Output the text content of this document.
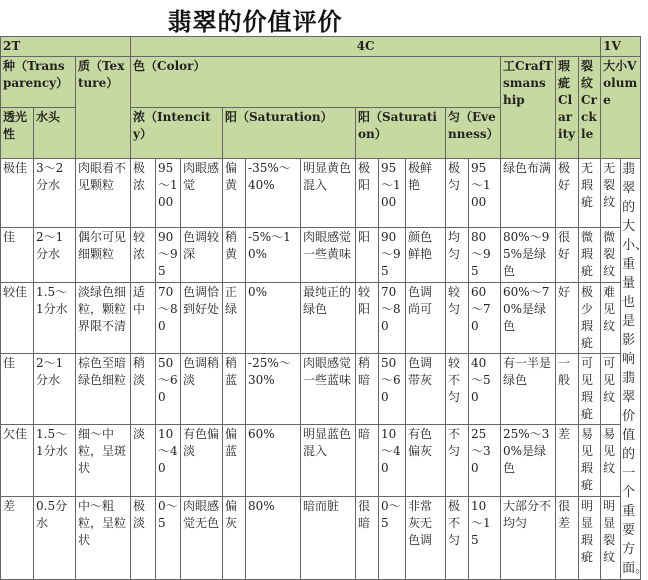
翡翠的价值评价
2T			4C														1V	
种（Transparency）		质（Texture）	色（Color）											工CrafTsmanship	瑕疵Clarity	裂纹Crckle	大小Volume	
透光性	水头		浓（Intencity）			阳（Saturation）			阳（Saturation）			匀（Evenness）						
极佳	3～2分水	肉眼看不见颗粒	极浓	95～100	肉眼感觉	偏黄	-35%～40%	明显黄色混入	极阳	95～100	极鲜艳	极匀	95～100	绿色布满	极好	无瑕疵	无裂纹	翡翠的大小、重量也是影响翡翠价值的一个重要方面。
佳	2～1分水	偶尔可见细颗粒	较浓	90～95	色调较深	稍黄	-5%～10%	肉眼感觉一些黄味	阳	90～95	颜色鲜艳	均匀	80～95	80%～95%是绿色	很好	微瑕疵	微裂纹	
较佳	1.5～1分水	淡绿色细粒，颗粒界限不清	适中	70～80	色调恰到好处	正绿	0%	最纯正的绿色	较阳	70～80	色调尚可	较匀	60～70	60%～70%是绿色	好	极少瑕疵	难见纹	
佳	2～1分水	棕色至暗绿色细粒	稍淡	50～60	色调稍淡	稍蓝	-25%～30%	肉眼感觉一些蓝味	稍暗	50～60	色调带灰	较不匀	40～50	有一半是绿色	一般	可见瑕疵	可见纹	
欠佳	1.5～1分水	细～中粒，呈斑状	淡	10～40	有色偏淡	偏蓝	60%	明显蓝色混入	暗	10～40	有色偏灰	不匀	25～30	25%～30%是绿色	差	易见瑕疵	易见纹	
差	0.5分水	中～粗粒，呈粒状	极淡	0～5	肉眼感觉无色	偏灰	80%	暗而脏	很暗	0～5	非常灰无色调	极不匀	10～15	大部分不均匀	很差	明显瑕疵	明显裂纹	
